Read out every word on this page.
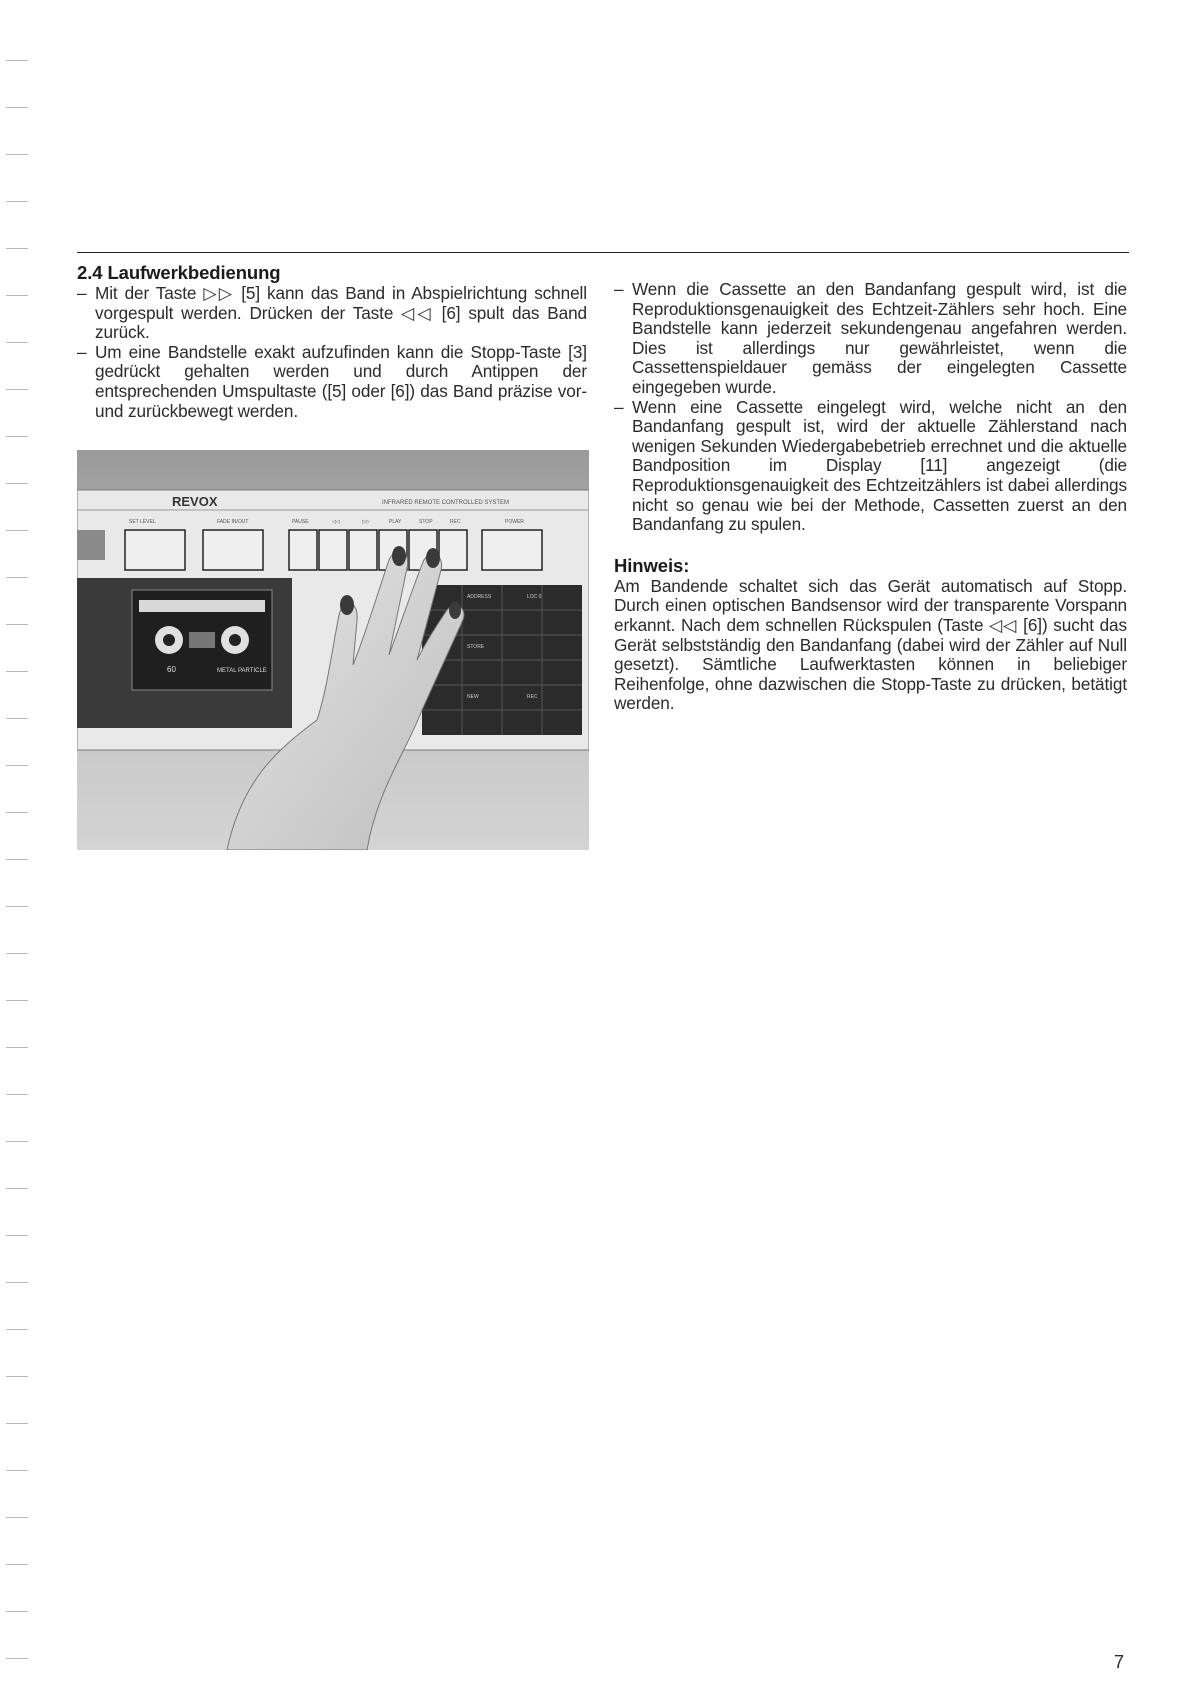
2.4 Laufwerkbedienung
– Mit der Taste ▷▷ [5] kann das Band in Abspielrichtung schnell vorgespult werden. Drücken der Taste ◁◁ [6] spult das Band zurück.
– Um eine Bandstelle exakt aufzufinden kann die Stopp-Taste [3] gedrückt gehalten werden und durch Antippen der entsprechenden Umspultaste ([5] oder [6]) das Band präzise vor- und zurückbewegt werden.
REVOX	INFRARED REMOTE CONTROLLED SYSTEM
SET LEVEL	FADE IN/OUT	PAUSE	◁◁	▷▷	PLAY	STOP	REC	POWER
60	METAL PARTICLE
ADDRESS	LOC 0
STORE
NEW	REC
– Wenn die Cassette an den Bandanfang gespult wird, ist die Reproduktionsgenauigkeit des Echtzeit-Zählers sehr hoch. Eine Bandstelle kann jederzeit sekundengenau angefahren werden. Dies ist allerdings nur gewährleistet, wenn die Cassettenspieldauer gemäss der eingelegten Cassette eingegeben wurde.
– Wenn eine Cassette eingelegt wird, welche nicht an den Bandanfang gespult ist, wird der aktuelle Zählerstand nach wenigen Sekunden Wiedergabebetrieb errechnet und die aktuelle Bandposition im Display [11] angezeigt (die Reproduktionsgenauigkeit des Echtzeitzählers ist dabei allerdings nicht so genau wie bei der Methode, Cassetten zuerst an den Bandanfang zu spulen.
Hinweis:

Am Bandende schaltet sich das Gerät automatisch auf Stopp. Durch einen optischen Bandsensor wird der transparente Vorspann erkannt. Nach dem schnellen Rückspulen (Taste ◁◁ [6]) sucht das Gerät selbstständig den Bandanfang (dabei wird der Zähler auf Null gesetzt). Sämtliche Laufwerktasten können in beliebiger Reihenfolge, ohne dazwischen die Stopp-Taste zu drücken, betätigt werden.

7
